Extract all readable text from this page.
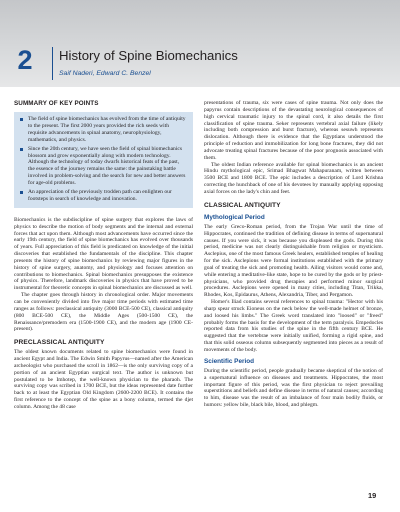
2	History of Spine Biomechanics
Saif Naderi, Edward C. Benzel
SUMMARY OF KEY POINTS
The field of spine biomechanics has evolved from the time of antiquity to the present. The first 2000 years provided the rich seeds with requisite advancements in spinal anatomy, neurophysiology, mathematics, and physics.
Since the 20th century, we have seen the field of spinal biomechanics blossom and grow exponentially along with modern technology. Although the technology of today dwarfs historical feats of the past, the essence of the journey remains the same: the painstaking battle involved in problem-solving and the search for new and better answers for age-old problems.
An appreciation of the previously trodden path can enlighten our footsteps in search of knowledge and innovation.

Biomechanics is the subdiscipline of spine surgery that explores the laws of physics to describe the motion of body segments and the internal and external forces that act upon them. Although most advancements have occurred since the early 19th century, the field of spine biomechanics has evolved over thousands of years. Full appreciation of this field is predicated on knowledge of the initial discoveries that established the fundamentals of the discipline. This chapter presents the history of spine biomechanics by reviewing major figures in the history of spine surgery, anatomy, and physiology and focuses attention on contributions to biomechanics. Spinal biomechanics presupposes the existence of physics. Therefore, landmark discoveries in physics that have proved to be instrumental for theoretic concepts in spinal biomechanics are discussed as well.

The chapter goes through history in chronological order. Major movements can be conveniently divided into five major time periods with estimated time ranges as follows: preclassical antiquity (3000 BCE-500 CE), classical antiquity (800 BCE-500 CE), the Middle Ages (500-1500 CE), the Renaissance/premodern era (1500-1900 CE), and the modern age (1900 CE-present).

PRECLASSICAL ANTIQUITY

The oldest known documents related to spine biomechanics were found in ancient Egypt and India. The Edwin Smith Papyrus—named after the American archeologist who purchased the scroll in 1862—is the only surviving copy of a portion of an ancient Egyptian surgical text. The author is unknown but postulated to be Imhotep, the well-known physician to the pharaoh. The surviving copy was scribed in 1700 BCE, but the ideas represented date further back to at least the Egyptian Old Kingdom (2600-2200 BCE). It contains the first reference to the concept of the spine as a bony column, termed the djet column. Among the 48 case

presentations of trauma, six were cases of spine trauma. Not only does the papyrus contain descriptions of the devastating neurological consequences of high cervical traumatic injury to the spinal cord, it also details the first classification of spine trauma. Seker represents vertebral axial failure (likely including both compression and burst fracture), whereas sesuwh represents dislocation. Although there is evidence that the Egyptians understood the principle of reduction and immobilization for long bone fractures, they did not advocate treating spinal fractures because of the poor prognosis associated with them.

The oldest Indian reference available for spinal biomechanics is an ancient Hindu mythological epic, Srimad Bhagwat Mahapuranam, written between 3500 BCE and 1800 BCE. The epic includes a description of Lord Krishna correcting the hunchback of one of his devotees by manually applying opposing axial forces on the lady's chin and feet.

CLASSICAL ANTIQUITY
Mythological Period

The early Greco-Roman period, from the Trojan War until the time of Hippocrates, continued the tradition of defining disease in terms of supernatural causes. If you were sick, it was because you displeased the gods. During this period, medicine was not clearly distinguishable from religion or mysticism. Asclepius, one of the most famous Greek healers, established temples of healing for the sick. Asclepions were formal institutions established with the primary goal of treating the sick and promoting health. Ailing visitors would come and, while entering a meditative-like state, hope to be cured by the gods or by priest-physicians, who provided drug therapies and performed minor surgical procedures. Asclepions were opened in many cities, including Titan, Trikka, Rhodes, Kos, Epidaurus, Athens, Alexandria, Tiber, and Pergamon.

Homer's Iliad contains several references to spinal trauma: "Hector with his sharp spear struck Eioneus on the neck below the well-made helmet of bronze, and loosed his limbs." The Greek word translated into "loosed" or "freed" probably forms the basis for the development of the term paralysis. Empedocles reported data from his studies of the spine in the fifth century BCE. He suggested that the vertebrae were initially unified, forming a rigid spine, and that this solid osseous column subsequently segmented into pieces as a result of movements of the body.

Scientific Period

During the scientific period, people gradually became skeptical of the notion of a supernatural influence on diseases and treatments. Hippocrates, the most important figure of this period, was the first physician to reject prevailing superstitions and beliefs and define disease in terms of natural causes; according to him, disease was the result of an imbalance of four main bodily fluids, or humors: yellow bile, black bile, blood, and phlegm.

19
